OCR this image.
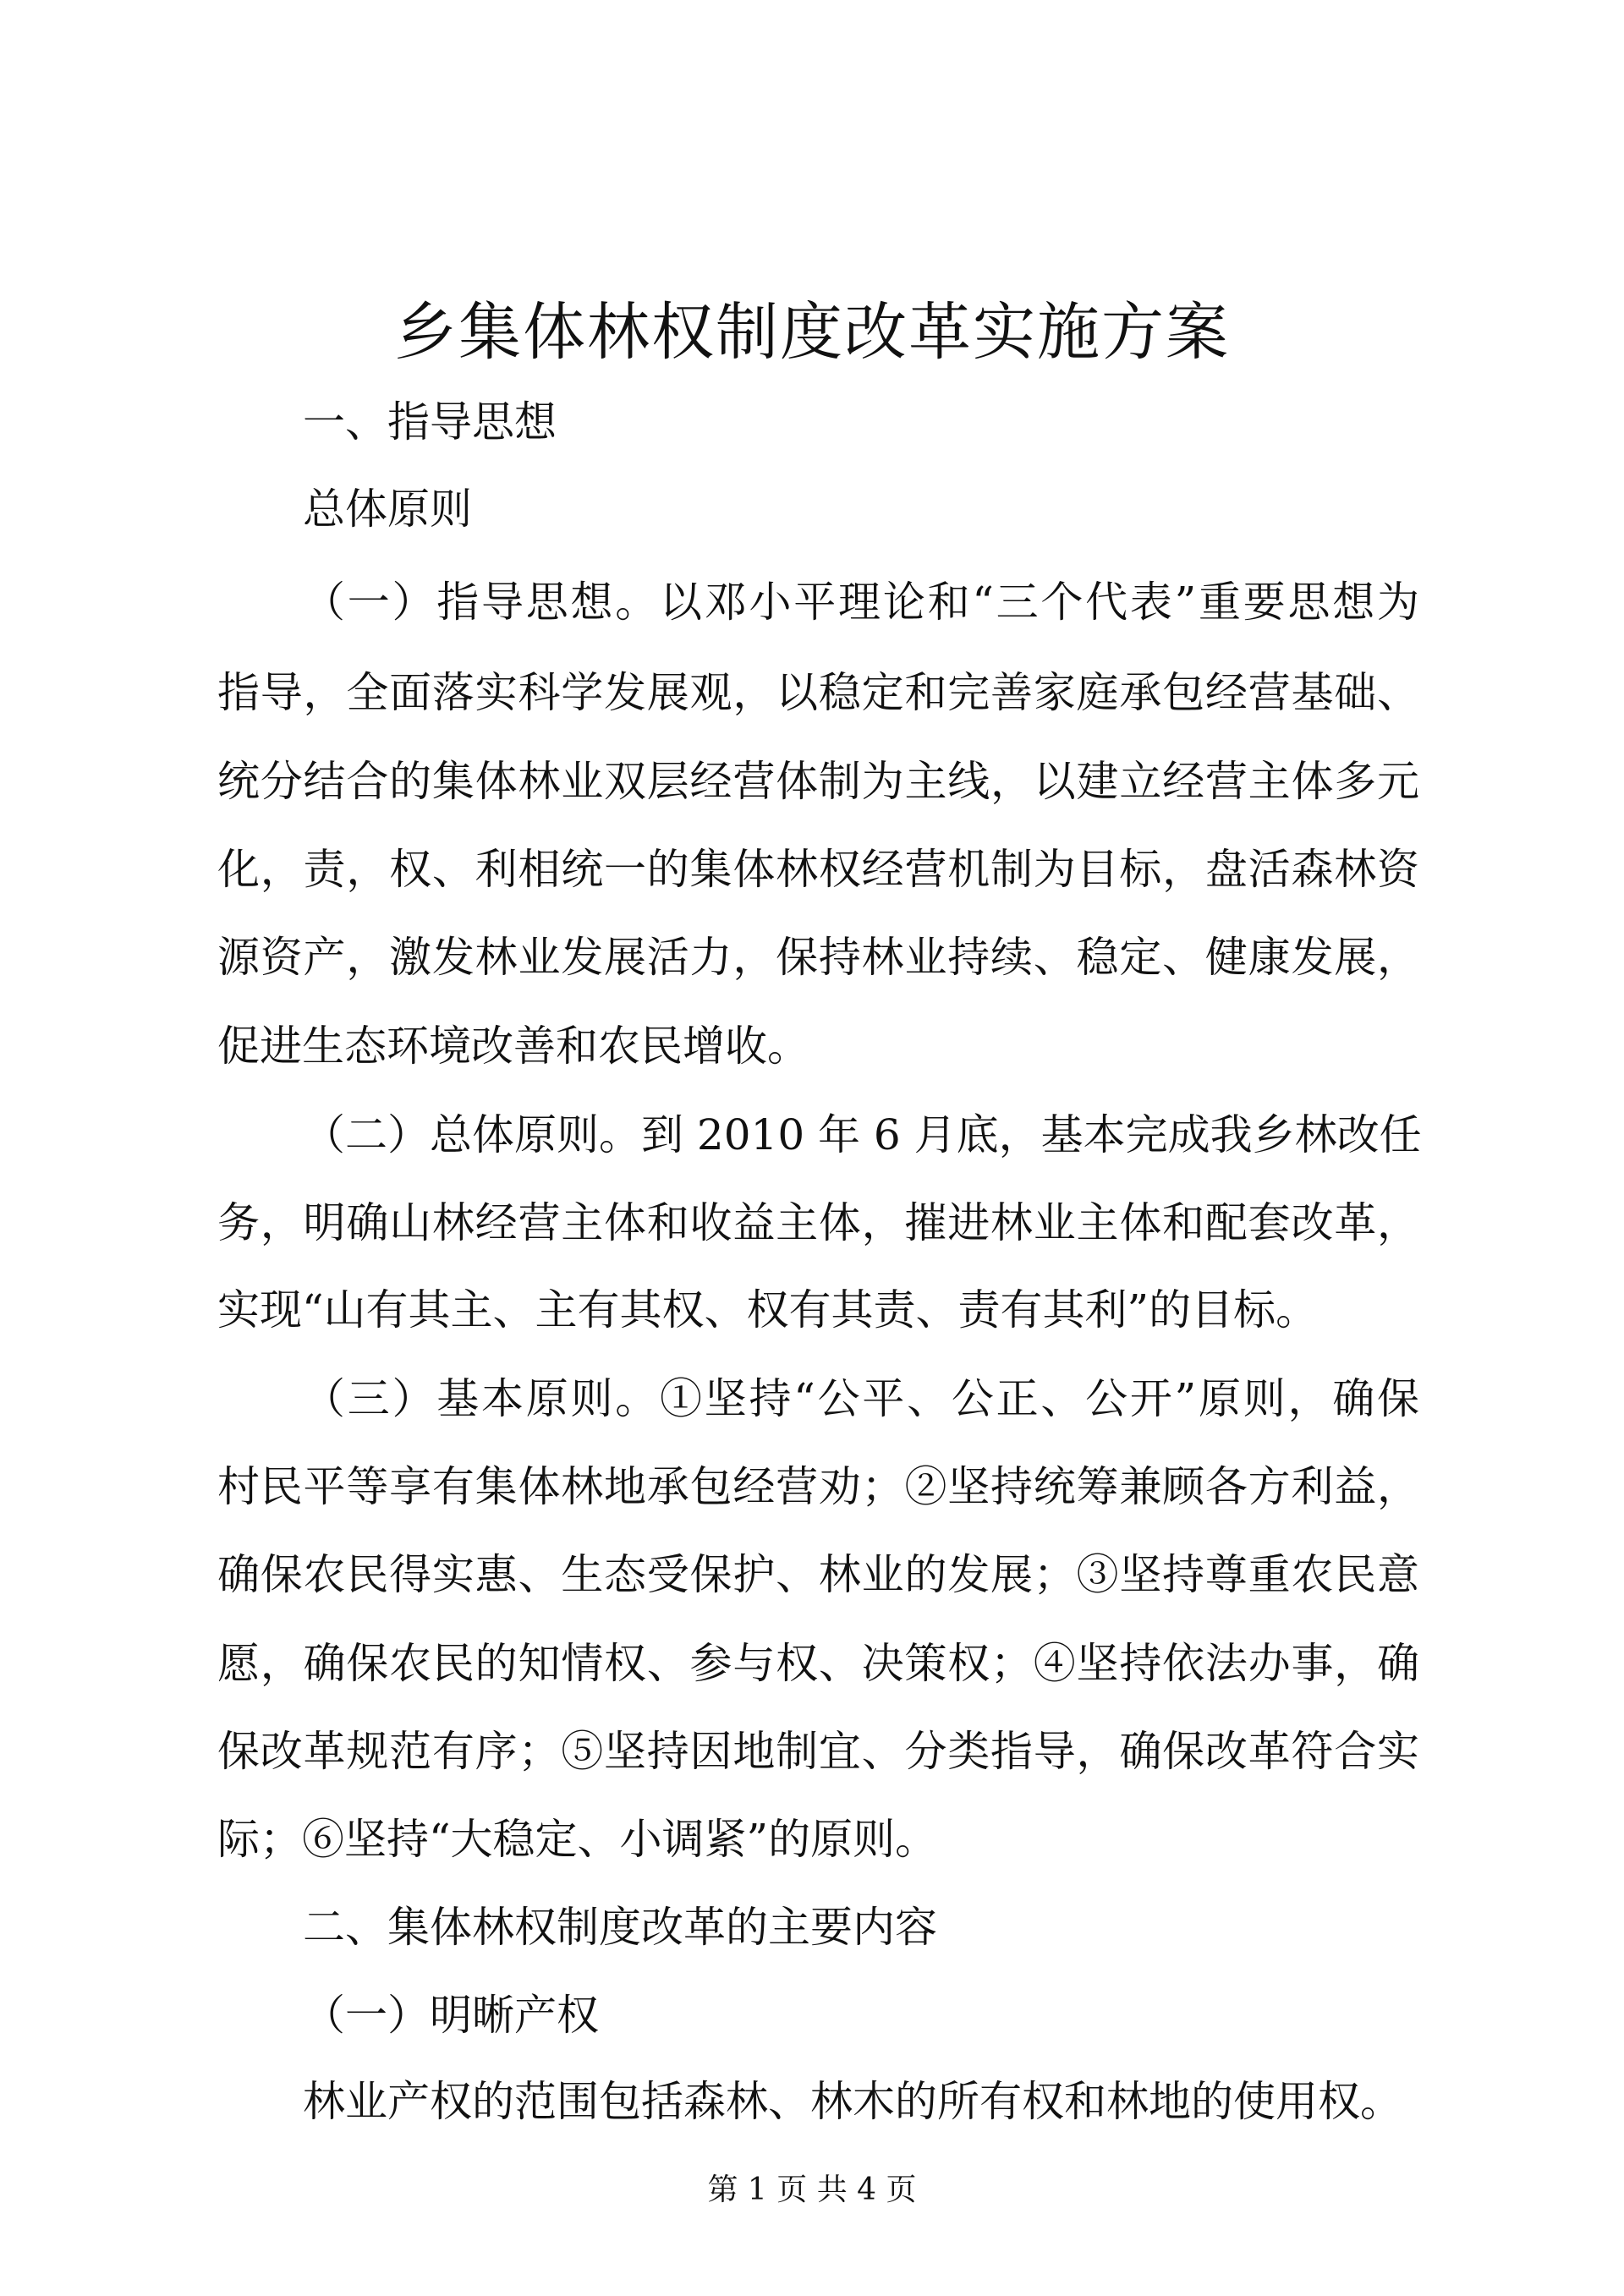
乡集体林权制度改革实施方案
一、指导思想
总体原则
（一）指导思想。以邓小平理论和“三个代表”重要思想为
指导，全面落实科学发展观，以稳定和完善家庭承包经营基础、
统分结合的集体林业双层经营体制为主线，以建立经营主体多元
化，责，权、利相统一的集体林权经营机制为目标，盘活森林资
源资产，激发林业发展活力，保持林业持续、稳定、健康发展，
促进生态环境改善和农民增收。
（二）总体原则。到 2010 年 6 月底，基本完成我乡林改任
务，明确山林经营主体和收益主体，摧进林业主体和配套改革，
实现“山有其主、主有其权、权有其责、责有其利”的目标。
（三）基本原则。①坚持“公平、公正、公开”原则，确保
村民平等享有集体林地承包经营劝；②坚持统筹兼顾各方利益，
确保农民得实惠、生态受保护、林业的发展；③坚持尊重农民意
愿，确保农民的知情权、参与权、决策权；④坚持依法办事，确
保改革规范有序；⑤坚持因地制宜、分类指导，确保改革符合实
际；⑥坚持“大稳定、小调紧”的原则。
二、集体林权制度改革的主要内容
（一）明晰产权
林业产权的范围包括森林、林木的所有权和林地的使用权。
第 1 页 共 4 页
